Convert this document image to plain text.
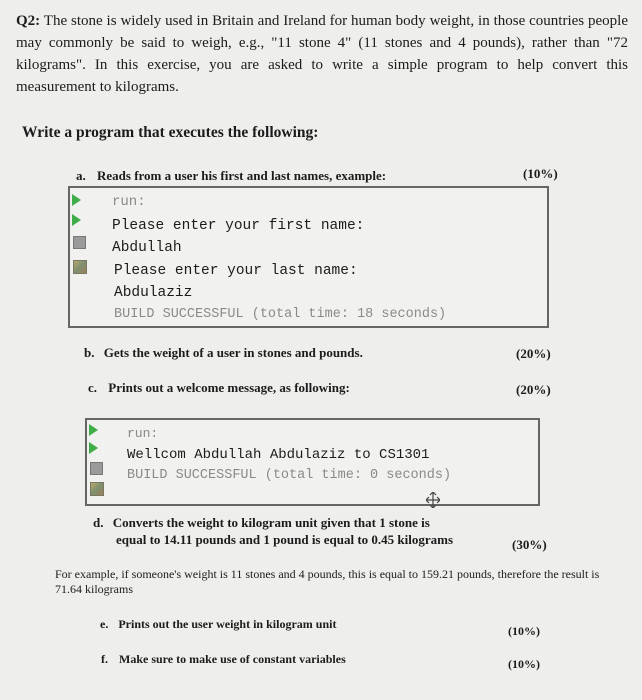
Q2: The stone is widely used in Britain and Ireland for human body weight, in those countries people may commonly be said to weigh, e.g., "11 stone 4" (11 stones and 4 pounds), rather than "72 kilograms". In this exercise, you are asked to write a simple program to help convert this measurement to kilograms.
Write a program that executes the following:
a. Reads from a user his first and last names, example:	(10%)
run:
Please enter your first name:
Abdullah
Please enter your last name:
Abdulaziz
BUILD SUCCESSFUL (total time: 18 seconds)
b. Gets the weight of a user in stones and pounds.	(20%)
c. Prints out a welcome message, as following:	(20%)
run:
Wellcom Abdullah Abdulaziz to CS1301
BUILD SUCCESSFUL (total time: 0 seconds)
d. Converts the weight to kilogram unit given that 1 stone is
equal to 14.11 pounds and 1 pound is equal to 0.45 kilograms	(30%)
For example, if someone's weight is 11 stones and 4 pounds, this is equal to 159.21 pounds, therefore the result is 71.64 kilograms
e. Prints out the user weight in kilogram unit	(10%)
f. Make sure to make use of constant variables	(10%)
